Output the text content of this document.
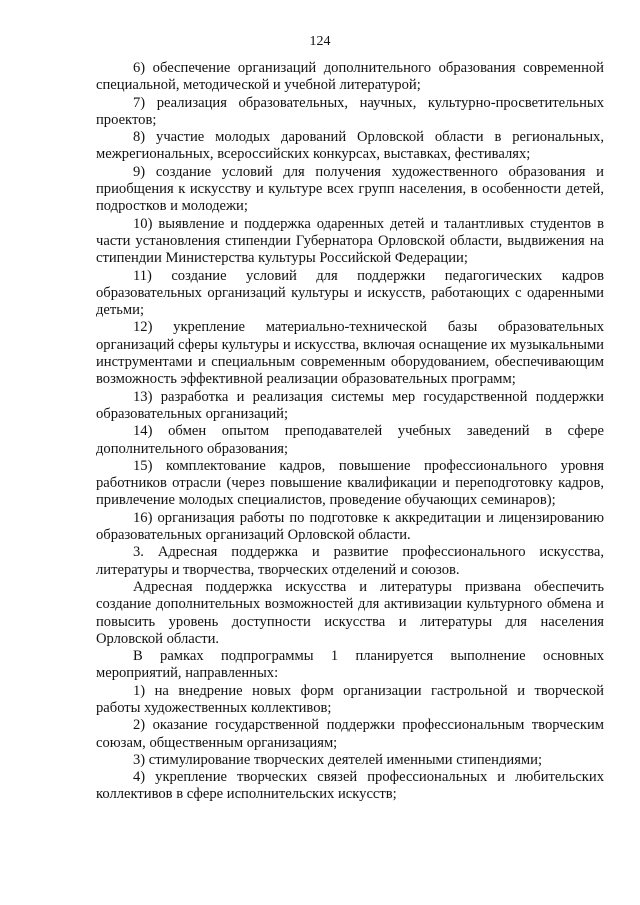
124

6) обеспечение организаций дополнительного образования современной специальной, методической и учебной литературой;

7) реализация образовательных, научных, культурно-просветительных проектов;

8) участие молодых дарований Орловской области в региональных, межрегиональных, всероссийских конкурсах, выставках, фестивалях;

9) создание условий для получения художественного образования и приобщения к искусству и культуре всех групп населения, в особенности детей, подростков и молодежи;

10) выявление и поддержка одаренных детей и талантливых студентов в части установления стипендии Губернатора Орловской области, выдвижения на стипендии Министерства культуры Российской Федерации;

11) создание условий для поддержки педагогических кадров образовательных организаций культуры и искусств, работающих с одаренными детьми;

12) укрепление материально-технической базы образовательных организаций сферы культуры и искусства, включая оснащение их музыкальными инструментами и специальным современным оборудованием, обеспечивающим возможность эффективной реализации образовательных программ;

13) разработка и реализация системы мер государственной поддержки образовательных организаций;

14) обмен опытом преподавателей учебных заведений в сфере дополнительного образования;

15) комплектование кадров, повышение профессионального уровня работников отрасли (через повышение квалификации и переподготовку кадров, привлечение молодых специалистов, проведение обучающих семинаров);

16) организация работы по подготовке к аккредитации и лицензированию образовательных организаций Орловской области.

3. Адресная поддержка и развитие профессионального искусства, литературы и творчества, творческих отделений и союзов.

Адресная поддержка искусства и литературы призвана обеспечить создание дополнительных возможностей для активизации культурного обмена и повысить уровень доступности искусства и литературы для населения Орловской области.

В рамках подпрограммы 1 планируется выполнение основных мероприятий, направленных:

1) на внедрение новых форм организации гастрольной и творческой работы художественных коллективов;

2) оказание государственной поддержки профессиональным творческим союзам, общественным организациям;

3) стимулирование творческих деятелей именными стипендиями;

4) укрепление творческих связей профессиональных и любительских коллективов в сфере исполнительских искусств;
